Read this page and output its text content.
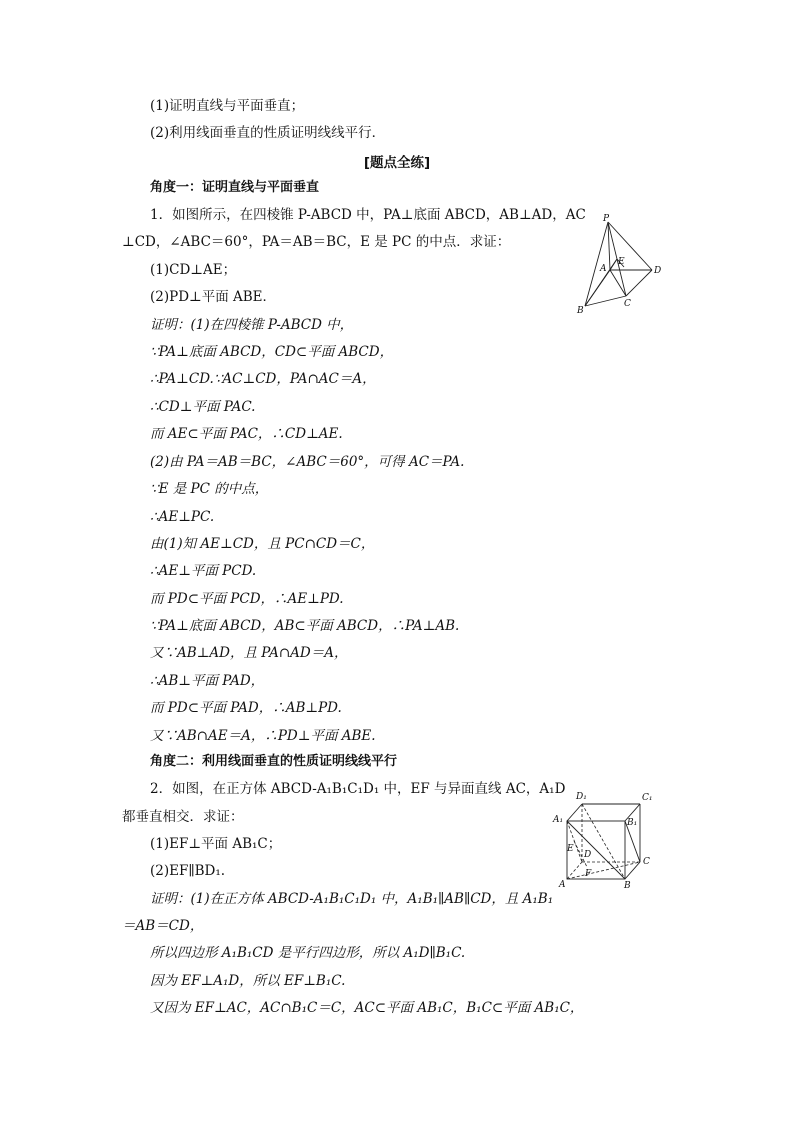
(1)证明直线与平面垂直；
(2)利用线面垂直的性质证明线线平行．
[题点全练]
角度一：证明直线与平面垂直
1．如图所示，在四棱锥 P-ABCD 中，PA⊥底面 ABCD，AB⊥AD，AC
⊥CD，∠ABC＝60°，PA＝AB＝BC，E 是 PC 的中点．求证：
(1)CD⊥AE；
(2)PD⊥平面 ABE．
证明：(1)在四棱锥 P-ABCD 中，
∵PA⊥底面 ABCD，CD⊂平面 ABCD，
∴PA⊥CD.∵AC⊥CD，PA∩AC＝A，
∴CD⊥平面 PAC.
而 AE⊂平面 PAC，∴CD⊥AE.
(2)由 PA＝AB＝BC，∠ABC＝60°，可得 AC＝PA.
∵E 是 PC 的中点，
∴AE⊥PC.
由(1)知 AE⊥CD，且 PC∩CD＝C，
∴AE⊥平面 PCD.
而 PD⊂平面 PCD，∴AE⊥PD.
∵PA⊥底面 ABCD，AB⊂平面 ABCD，∴PA⊥AB.
又∵AB⊥AD，且 PA∩AD＝A，
∴AB⊥平面 PAD，
而 PD⊂平面 PAD，∴AB⊥PD.
又∵AB∩AE＝A，∴PD⊥平面 ABE.
角度二：利用线面垂直的性质证明线线平行
2．如图，在正方体 ABCD-A₁B₁C₁D₁ 中，EF 与异面直线 AC，A₁D
都垂直相交．求证：
(1)EF⊥平面 AB₁C；
(2)EF∥BD₁.
证明：(1)在正方体 ABCD-A₁B₁C₁D₁ 中，A₁B₁∥AB∥CD，且 A₁B₁
＝AB＝CD，
所以四边形 A₁B₁CD 是平行四边形，所以 A₁D∥B₁C.
因为 EF⊥A₁D，所以 EF⊥B₁C.
又因为 EF⊥AC，AC∩B₁C＝C，AC⊂平面 AB₁C，B₁C⊂平面 AB₁C，
P
A
E
D
B
C
D₁	C₁
A₁	B₁
E
D
C
F
A	B
